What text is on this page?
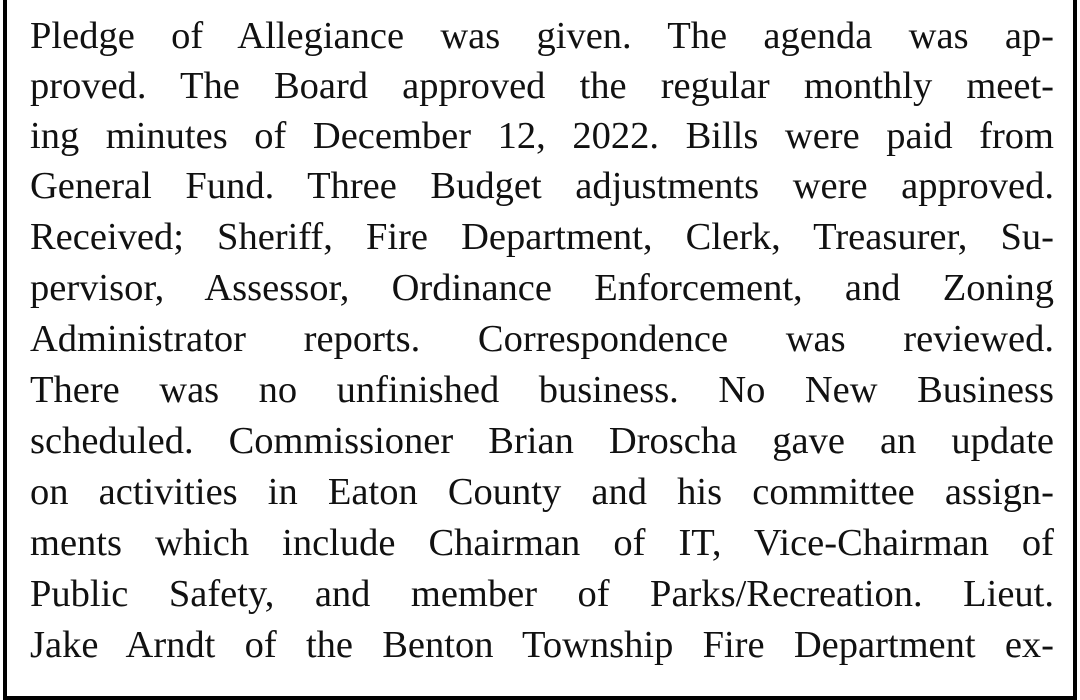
Pledge of Allegiance was given. The agenda was ap-
proved. The Board approved the regular monthly meet-
ing minutes of December 12, 2022. Bills were paid from
General Fund. Three Budget adjustments were approved.
Received; Sheriff, Fire Department, Clerk, Treasurer, Su-
pervisor, Assessor, Ordinance Enforcement, and Zoning
Administrator reports. Correspondence was reviewed.
There was no unfinished business. No New Business
scheduled. Commissioner Brian Droscha gave an update
on activities in Eaton County and his committee assign-
ments which include Chairman of IT, Vice-Chairman of
Public Safety, and member of Parks/Recreation. Lieut.
Jake Arndt of the Benton Township Fire Department ex-
